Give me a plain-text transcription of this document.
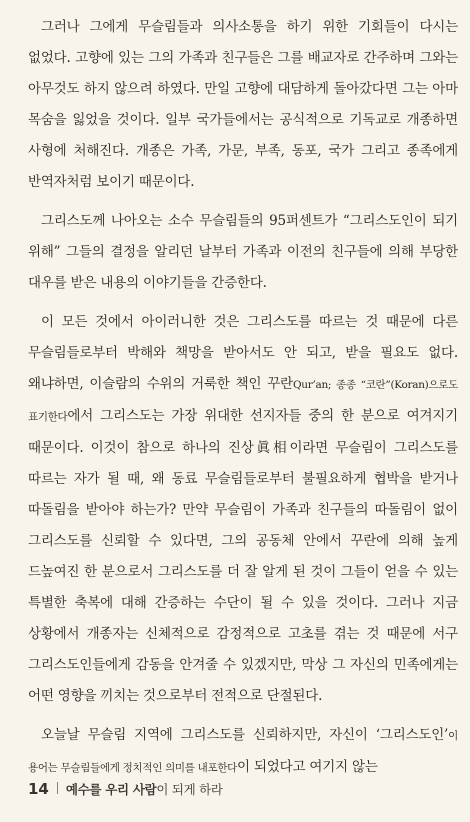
그러나 그에게 무슬림들과 의사소통을 하기 위한 기회들이 다시는 없었다. 고향에 있는 그의 가족과 친구들은 그를 배교자로 간주하며 그와는 아무것도 하지 않으려 하였다. 만일 고향에 대담하게 돌아갔다면 그는 아마 목숨을 잃었을 것이다. 일부 국가들에서는 공식적으로 기독교로 개종하면 사형에 처해진다. 개종은 가족, 가문, 부족, 동포, 국가 그리고 종족에게 반역자처럼 보이기 때문이다.

그리스도께 나아오는 소수 무슬림들의 95퍼센트가 “그리스도인이 되기 위해” 그들의 결정을 알리던 날부터 가족과 이전의 친구들에 의해 부당한 대우를 받은 내용의 이야기들을 간증한다.

이 모든 것에서 아이러니한 것은 그리스도를 따르는 것 때문에 다른 무슬림들로부터 박해와 책망을 받아서도 안 되고, 받을 필요도 없다. 왜냐하면, 이슬람의 수위의 거룩한 책인 꾸란Qur’an; 종종 “코란”(Koran)으로도 표기한다에서 그리스도는 가장 위대한 선지자들 중의 한 분으로 여겨지기 때문이다. 이것이 참으로 하나의 진상眞相이라면 무슬림이 그리스도를 따르는 자가 될 때, 왜 동료 무슬림들로부터 불필요하게 협박을 받거나 따돌림을 받아야 하는가? 만약 무슬림이 가족과 친구들의 따돌림이 없이 그리스도를 신뢰할 수 있다면, 그의 공동체 안에서 꾸란에 의해 높게 드높여진 한 분으로서 그리스도를 더 잘 알게 된 것이 그들이 얻을 수 있는 특별한 축복에 대해 간증하는 수단이 될 수 있을 것이다. 그러나 지금 상황에서 개종자는 신체적으로 감정적으로 고초를 겪는 것 때문에 서구 그리스도인들에게 감동을 안겨줄 수 있겠지만, 막상 그 자신의 민족에게는 어떤 영향을 끼치는 것으로부터 전적으로 단절된다.

오늘날 무슬림 지역에 그리스도를 신뢰하지만, 자신이 ‘그리스도인’이 용어는 무슬림들에게 정치적인 의미를 내포한다이 되었다고 여기지 않는

14 예수를 우리 사람이 되게 하라
